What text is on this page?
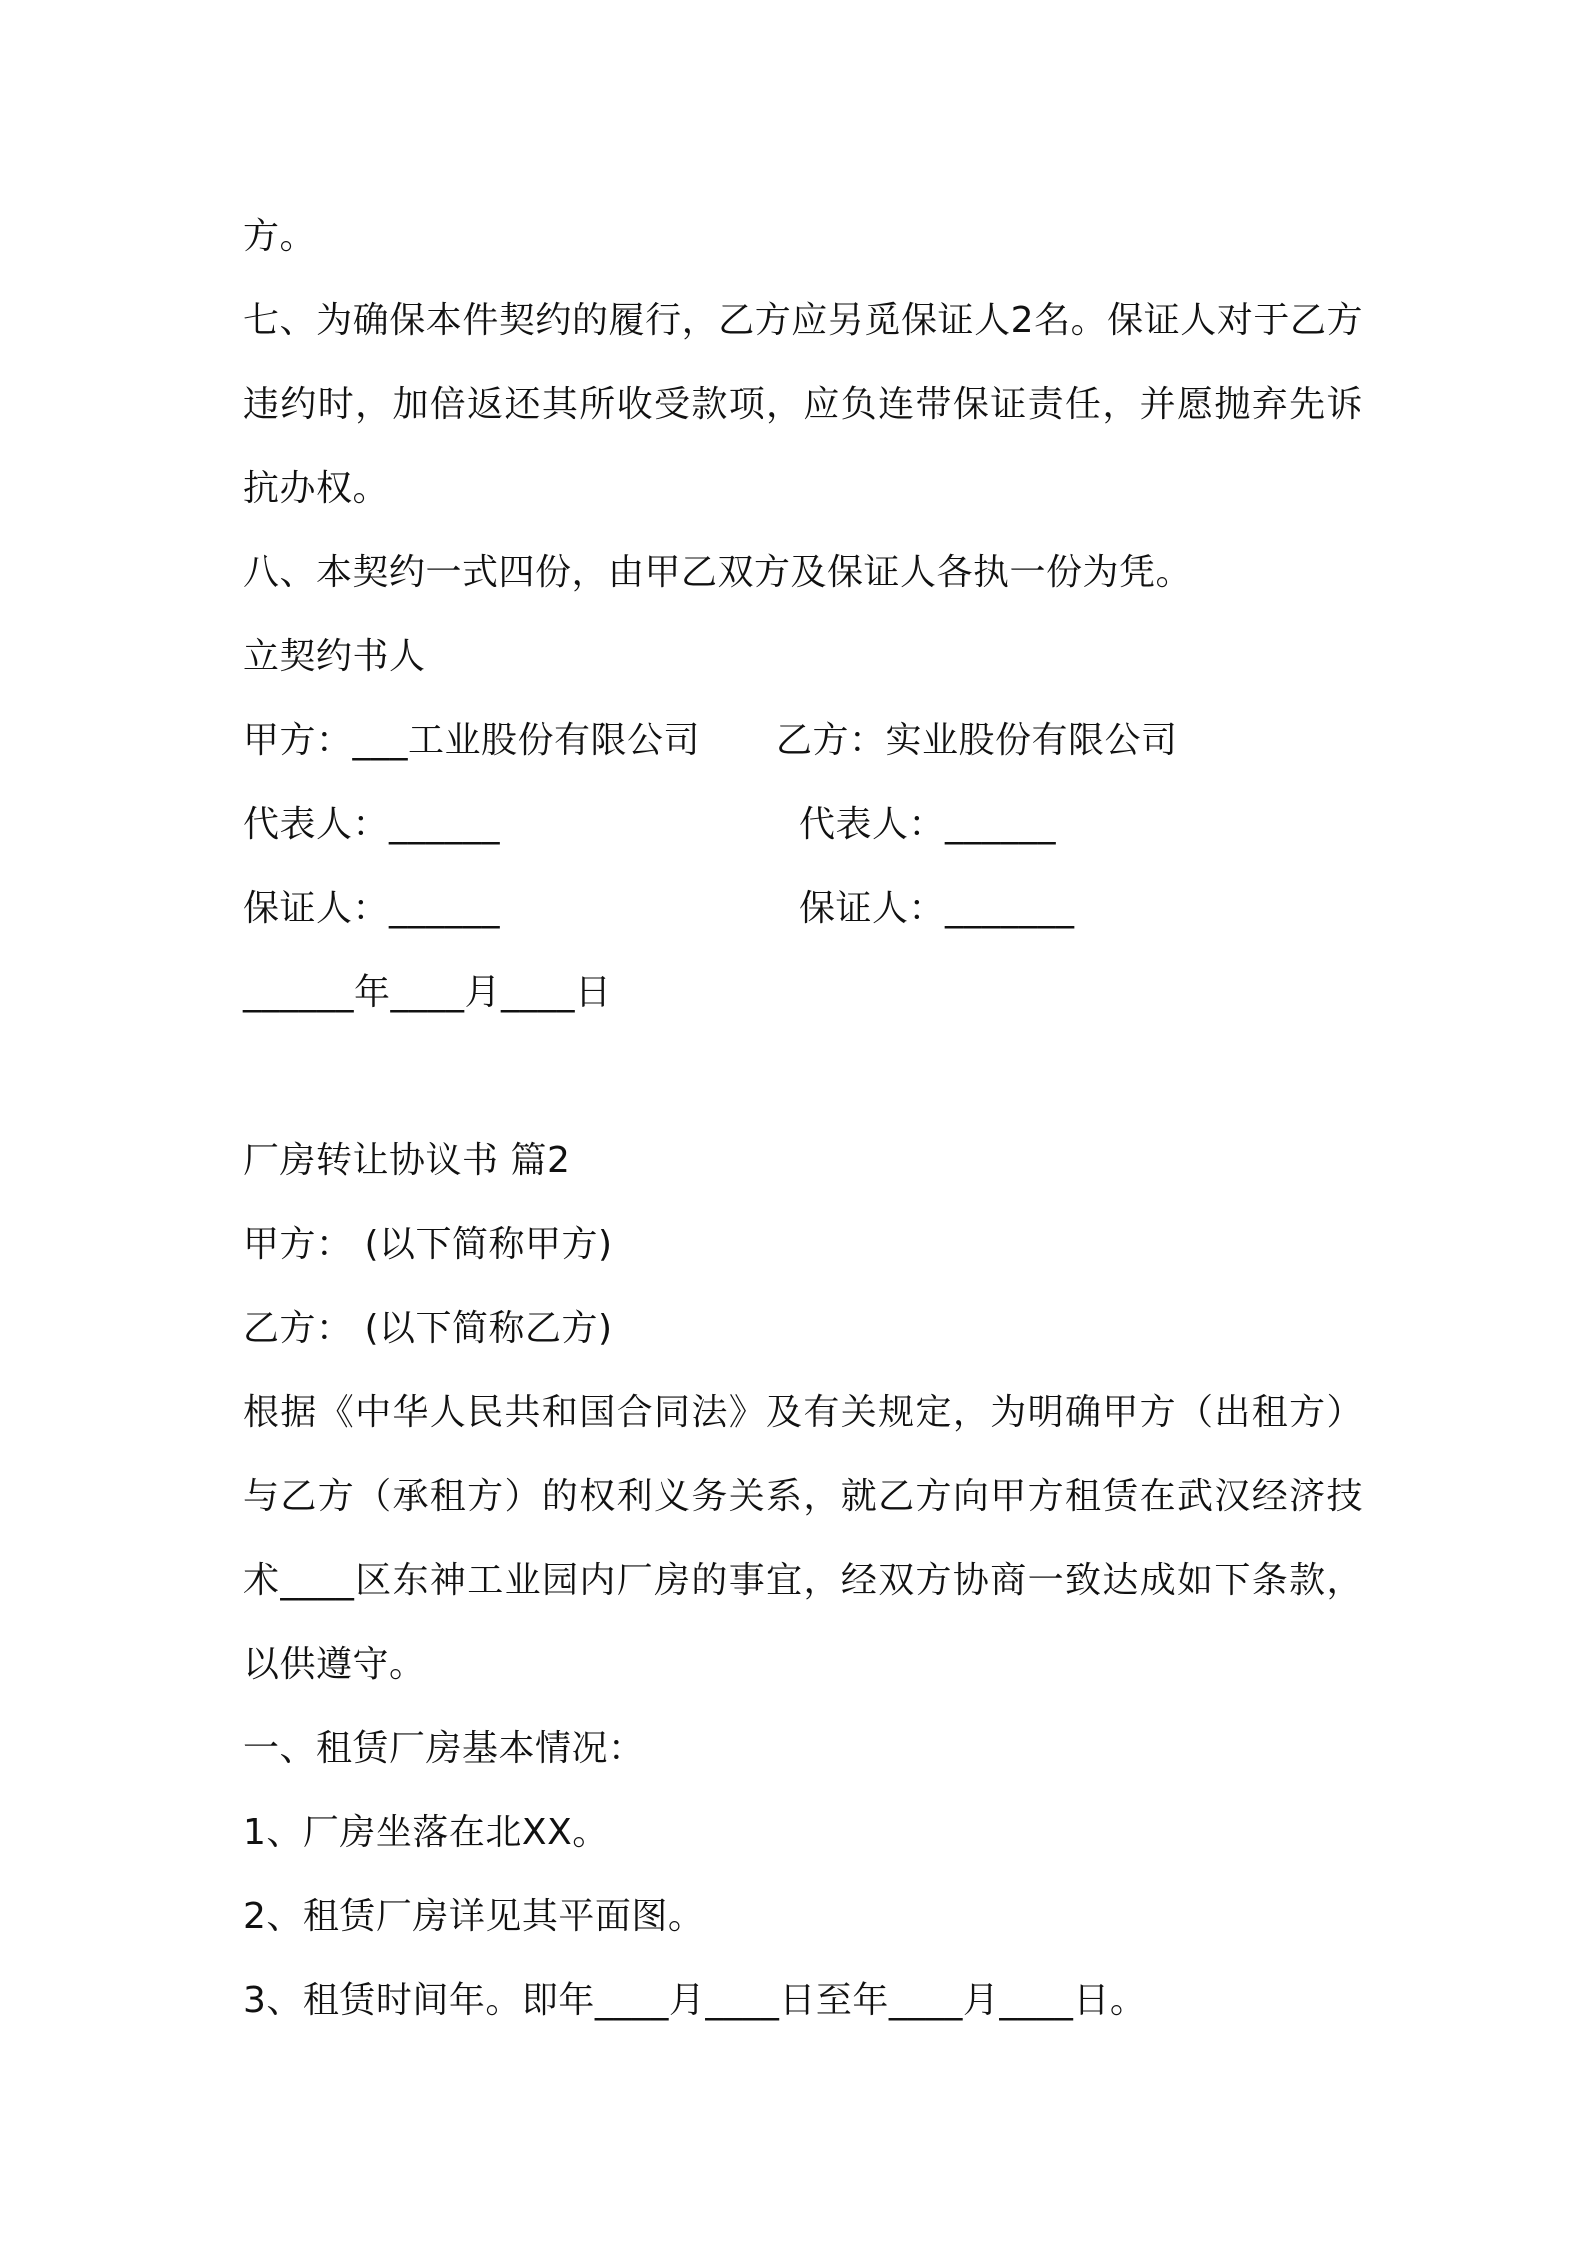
方。
七、为确保本件契约的履行，乙方应另觅保证人2名。保证人对于乙方违约时，加倍返还其所收受款项，应负连带保证责任，并愿抛弃先诉抗办权。
八、本契约一式四份，由甲乙双方及保证人各执一份为凭。
立契约书人
甲方：___工业股份有限公司 乙方：实业股份有限公司
代表人：______	代表人：______
保证人：______	保证人：_______
______年____月____日
厂房转让协议书 篇2
甲方： (以下简称甲方)
乙方： (以下简称乙方)
根据《中华人民共和国合同法》及有关规定，为明确甲方（出租方）与乙方（承租方）的权利义务关系，就乙方向甲方租赁在武汉经济技术____区东神工业园内厂房的事宜，经双方协商一致达成如下条款，以供遵守。
一、租赁厂房基本情况：
1、厂房坐落在北XX。
2、租赁厂房详见其平面图。
3、租赁时间年。即年____月____日至年____月____日。
